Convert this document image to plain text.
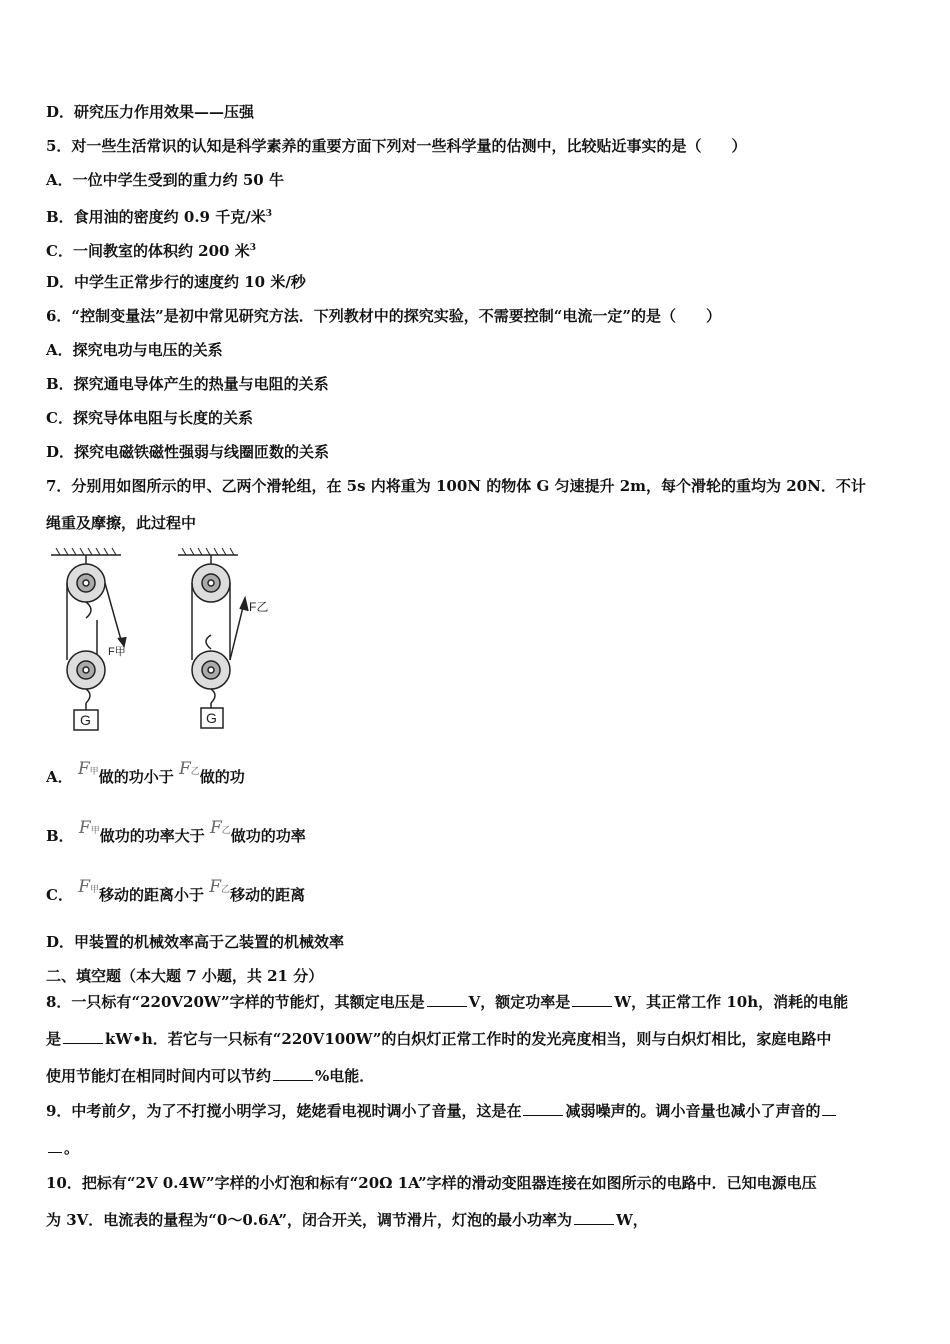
D．研究压力作用效果——压强
5．对一些生活常识的认知是科学素养的重要方面下列对一些科学量的估测中，比较贴近事实的是（　　）
A．一位中学生受到的重力约 50 牛
B．食用油的密度约 0.9 千克/米$^3$
C．一间教室的体积约 200 米$^3$
D．中学生正常步行的速度约 10 米/秒
6．“控制变量法”是初中常见研究方法．下列教材中的探究实验，不需要控制“电流一定”的是（　　）
A．探究电功与电压的关系
B．探究通电导体产生的热量与电阻的关系
C．探究导体电阻与长度的关系
D．探究电磁铁磁性强弱与线圈匝数的关系
7．分别用如图所示的甲、乙两个滑轮组，在 5s 内将重为 100N 的物体 G 匀速提升 2m，每个滑轮的重均为 20N．不计
绳重及摩擦，此过程中
G	G
F甲
F乙
A． F甲做的功小于 F乙做的功
B． F甲做功的功率大于 F乙做功的功率
C． F甲移动的距离小于 F乙移动的距离
D．甲装置的机械效率高于乙装置的机械效率
二、填空题（本大题 7 小题，共 21 分）
8．一只标有“220V20W”字样的节能灯，其额定电压是	V，额定功率是	W，其正常工作 10h，消耗的电能
是	kW•h．若它与一只标有“220V100W”的白炽灯正常工作时的发光亮度相当，则与白炽灯相比，家庭电路中
使用节能灯在相同时间内可以节约	%电能．
9．中考前夕，为了不打搅小明学习，姥姥看电视时调小了音量，这是在	减弱噪声的。调小音量也减小了声音的
。
10．把标有“2V 0.4W”字样的小灯泡和标有“20Ω 1A”字样的滑动变阻器连接在如图所示的电路中．已知电源电压
为 3V．电流表的量程为“0～0.6A”，闭合开关，调节滑片，灯泡的最小功率为	W，
